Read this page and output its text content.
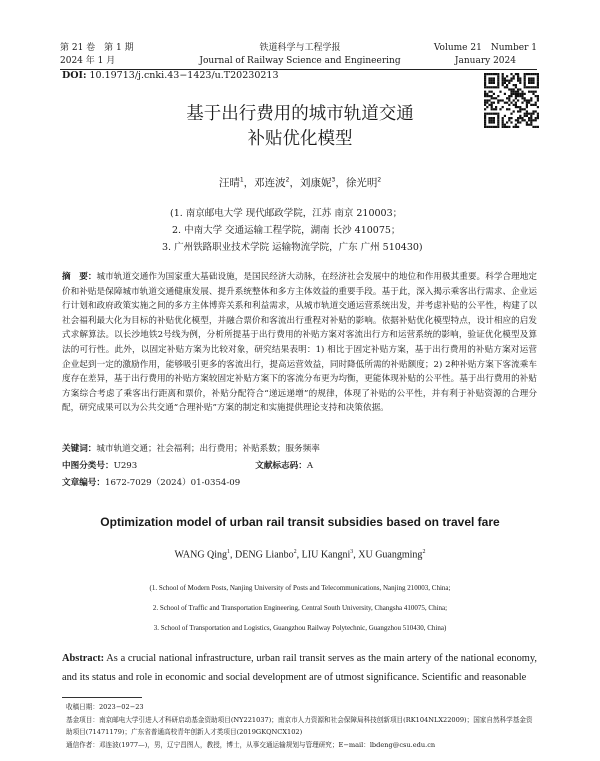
第 21 卷　第 1 期
2024 年 1 月
铁道科学与工程学报
Journal of Railway Science and Engineering
Volume 21　Number 1
January 2024
DOI: 10.19713/j.cnki.43−1423/u.T20230213
基于出行费用的城市轨道交通
补贴优化模型
汪晴$^1$，邓连波$^2$，刘康妮$^3$，徐光明$^2$
(1. 南京邮电大学 现代邮政学院，江苏 南京 210003；
2. 中南大学 交通运输工程学院，湖南 长沙 410075；
3. 广州铁路职业技术学院 运输物流学院，广东 广州 510430)
摘　要：城市轨道交通作为国家重大基础设施，是国民经济大动脉，在经济社会发展中的地位和作用极其重要。科学合理地定价和补贴是保障城市轨道交通健康发展、提升系统整体和多方主体效益的重要手段。基于此，深入揭示乘客出行需求、企业运行计划和政府政策实施之间的多方主体博弈关系和利益需求，从城市轨道交通运营系统出发，并考虑补贴的公平性，构建了以社会福利最大化为目标的补贴优化模型，并融合票价和客流出行重程对补贴的影响。依据补贴优化模型特点，设计相应的启发式求解算法。以长沙地铁2号线为例，分析所提基于出行费用的补贴方案对客流出行方和运营系统的影响，验证优化模型及算法的可行性。此外，以固定补贴方案为比较对象，研究结果表明：1) 相比于固定补贴方案，基于出行费用的补贴方案对运营企业起到一定的激励作用，能够吸引更多的客流出行，提高运营效益，同时降低所需的补贴额度；2) 2种补贴方案下客流乘车度存在差异，基于出行费用的补贴方案较固定补贴方案下的客流分布更为均衡，更能体现补贴的公平性。基于出行费用的补贴方案综合考虑了乘客出行距离和票价，补贴分配符合“递远递增”的规律，体现了补贴的公平性，并有利于补贴资源的合理分配，研究成果可以为公共交通“合理补贴”方案的制定和实施提供理论支持和决策依据。
关键词：城市轨道交通；社会福利；出行费用；补贴系数；服务频率
中图分类号：U293	文献标志码：A
文章编号：1672-7029（2024）01-0354-09
Optimization model of urban rail transit subsidies based on travel fare
WANG Qing$^1$, DENG Lianbo$^2$, LIU Kangni$^3$, XU Guangming$^2$
(1. School of Modern Posts, Nanjing University of Posts and Telecommunications, Nanjing 210003, China;
2. School of Traffic and Transportation Engineering, Central South University, Changsha 410075, China;
3. School of Transportation and Logistics, Guangzhou Railway Polytechnic, Guangzhou 510430, China)
Abstract: As a crucial national infrastructure, urban rail transit serves as the main artery of the national economy, and its status and role in economic and social development are of utmost significance. Scientific and reasonable
收稿日期：2023−02−23
基金项目：南京邮电大学引进人才科研启动基金资助项目(NY221037)；南京市人力资源和社会保障局科技创新项目(RK104NLX22009)；国家自然科学基金资助项目(71471179)；广东省普通高校青年创新人才类项目(2019GKQNCX102)
通信作者：邓连波(1977—)，男，辽宁昌图人，教授，博士，从事交通运输规划与管理研究；E−mail：lbdeng@csu.edu.cn
